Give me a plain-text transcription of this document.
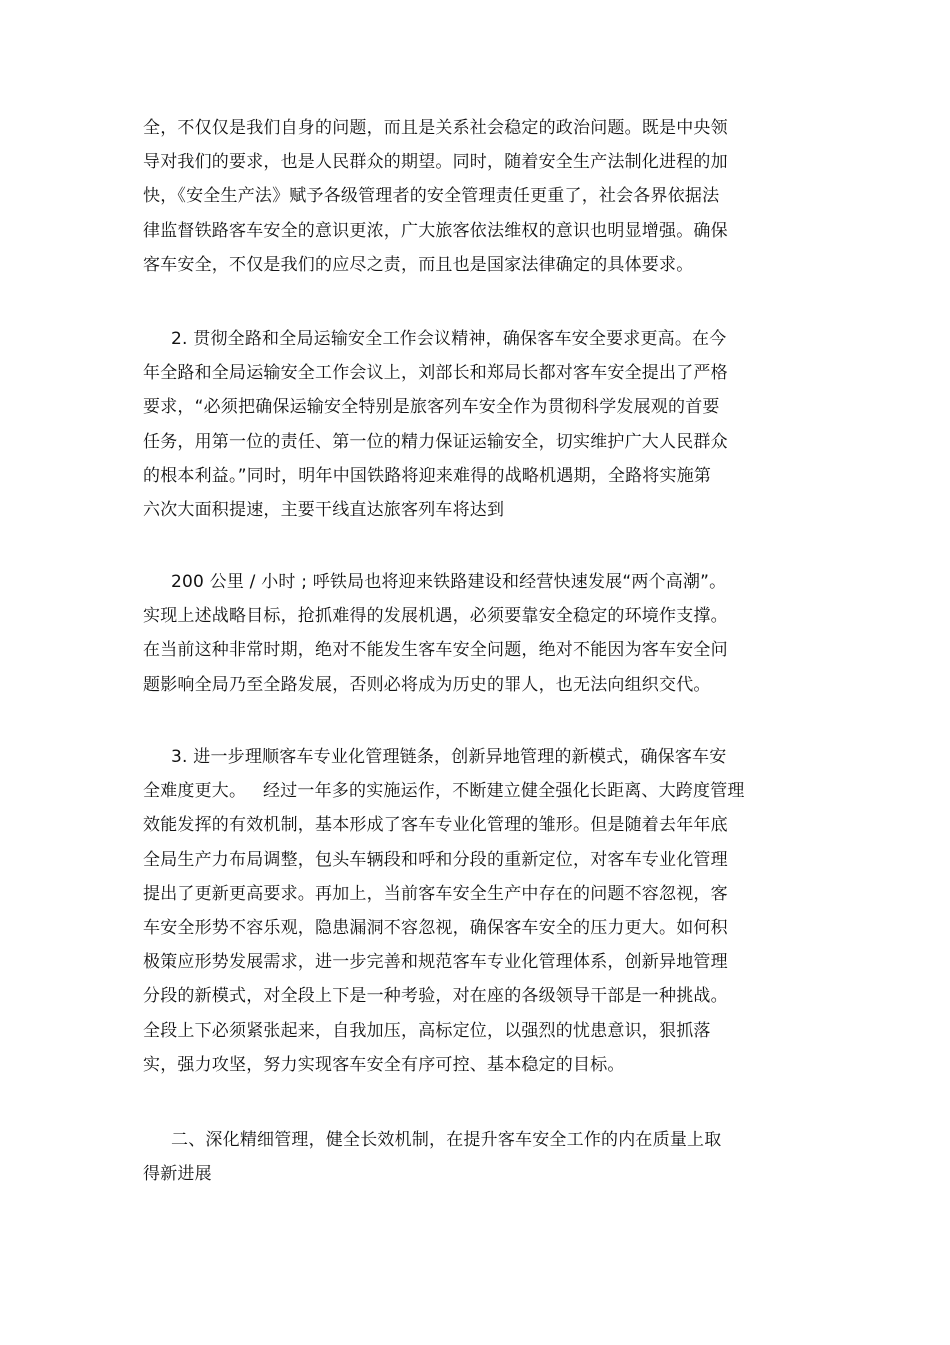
全，不仅仅是我们自身的问题，而且是关系社会稳定的政治问题。既是中央领
导对我们的要求，也是人民群众的期望。同时，随着安全生产法制化进程的加
快，《安全生产法》赋予各级管理者的安全管理责任更重了，社会各界依据法
律监督铁路客车安全的意识更浓，广大旅客依法维权的意识也明显增强。确保
客车安全，不仅是我们的应尽之责，而且也是国家法律确定的具体要求。
2. 贯彻全路和全局运输安全工作会议精神，确保客车安全要求更高。在今
年全路和全局运输安全工作会议上，刘部长和郑局长都对客车安全提出了严格
要求，“必须把确保运输安全特别是旅客列车安全作为贯彻科学发展观的首要
任务，用第一位的责任、第一位的精力保证运输安全，切实维护广大人民群众
的根本利益。”同时，明年中国铁路将迎来难得的战略机遇期，全路将实施第
六次大面积提速，主要干线直达旅客列车将达到
200 公里 / 小时 ; 呼铁局也将迎来铁路建设和经营快速发展“两个高潮”。
实现上述战略目标，抢抓难得的发展机遇，必须要靠安全稳定的环境作支撑。
在当前这种非常时期，绝对不能发生客车安全问题，绝对不能因为客车安全问
题影响全局乃至全路发展，否则必将成为历史的罪人，也无法向组织交代。
3. 进一步理顺客车专业化管理链条，创新异地管理的新模式，确保客车安
全难度更大。   经过一年多的实施运作，不断建立健全强化长距离、大跨度管理
效能发挥的有效机制，基本形成了客车专业化管理的雏形。但是随着去年年底
全局生产力布局调整，包头车辆段和呼和分段的重新定位，对客车专业化管理
提出了更新更高要求。再加上，当前客车安全生产中存在的问题不容忽视，客
车安全形势不容乐观，隐患漏洞不容忽视，确保客车安全的压力更大。如何积
极策应形势发展需求，进一步完善和规范客车专业化管理体系，创新异地管理
分段的新模式，对全段上下是一种考验，对在座的各级领导干部是一种挑战。
全段上下必须紧张起来，自我加压，高标定位，以强烈的忧患意识，狠抓落
实，强力攻坚，努力实现客车安全有序可控、基本稳定的目标。
二、深化精细管理，健全长效机制，在提升客车安全工作的内在质量上取
得新进展
